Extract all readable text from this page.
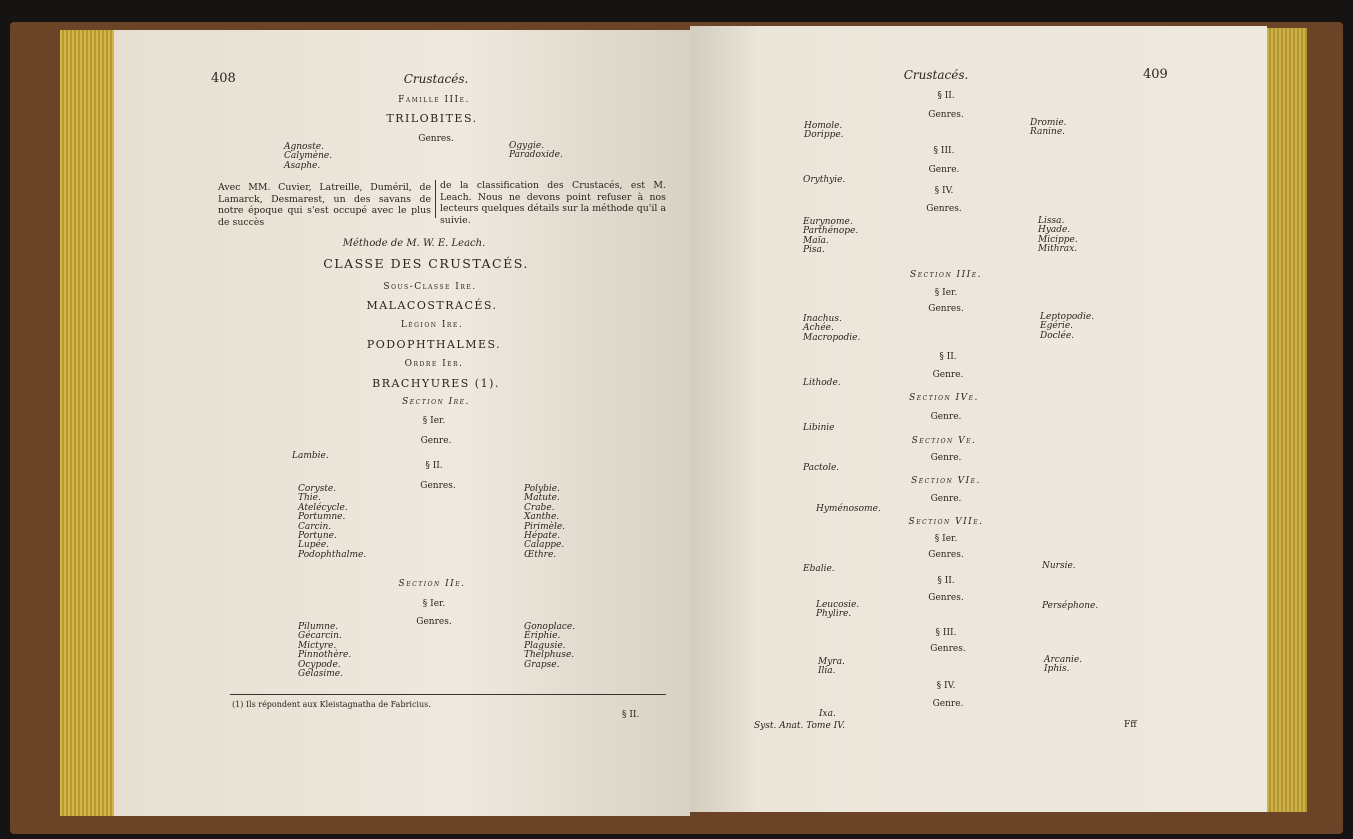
408	Crustacés.
Famille IIIe.
TRILOBITES.
Genres.
Agnoste.
Calymène.
Asaphe.
Ogygie.
Paradoxide.
Avec MM. Cuvier, Latreille, Duméril, de Lamarck, Desmarest, un des savans de notre époque qui s'est occupé avec le plus de succès
de la classification des Crustacés, est M. Leach. Nous ne devons point refuser à nos lecteurs quelques détails sur la méthode qu'il a suivie.
Méthode de M. W. E. Leach.
CLASSE DES CRUSTACÉS.
Sous-Classe Ire.
MALACOSTRACÉS.
Légion Ire.
PODOPHTHALMES.
Ordre Ier.
BRACHYURES (1).
Section Ire.
§ Ier.
Genre.
Lambie.
§ II.
Genres.
Coryste.
Thie.
Atelécycle.
Portumne.
Carcin.
Portune.
Lupée.
Podophthalme.
Polybie.
Matute.
Crabe.
Xanthe.
Pirimèle.
Hépate.
Calappe.
Œthre.
Section IIe.
§ Ier.
Genres.
Pilumne.
Gécarcin.
Mictyre.
Pinnothère.
Ocypode.
Gélasime.
Gonoplace.
Ériphie.
Plagusie.
Thelphuse.
Grapse.
(1) Ils répondent aux Kleistagnatha de Fabricius.
§ II.
Crustacés.	409
§ II.
Genres.
Homole.
Dorippe.
Dromie.
Ranine.
§ III.
Genre.
Orythyie.
§ IV.
Genres.
Eurynome.
Parthénope.
Maïa.
Pisa.
Lissa.
Hyade.
Micippe.
Mithrax.
Section IIIe.
§ Ier.
Genres.
Inachus.
Achée.
Macropodie.
Leptopodie.
Egérie.
Doclée.
§ II.
Genre.
Lithode.
Section IVe.
Genre.
Libinie
Section Ve.
Genre.
Pactole.
Section VIe.
Genre.
Hyménosome.
Section VIIe.
§ Ier.
Genres.
Ebalie.	Nursie.
§ II.
Genres.
Leucosie.
Phylire.
Perséphone.
§ III.
Genres.
Myra.
Ilia.
Arcanie.
Iphis.
§ IV.
Genre.
Ixa.
Syst. Anat. Tome IV.	Fff
